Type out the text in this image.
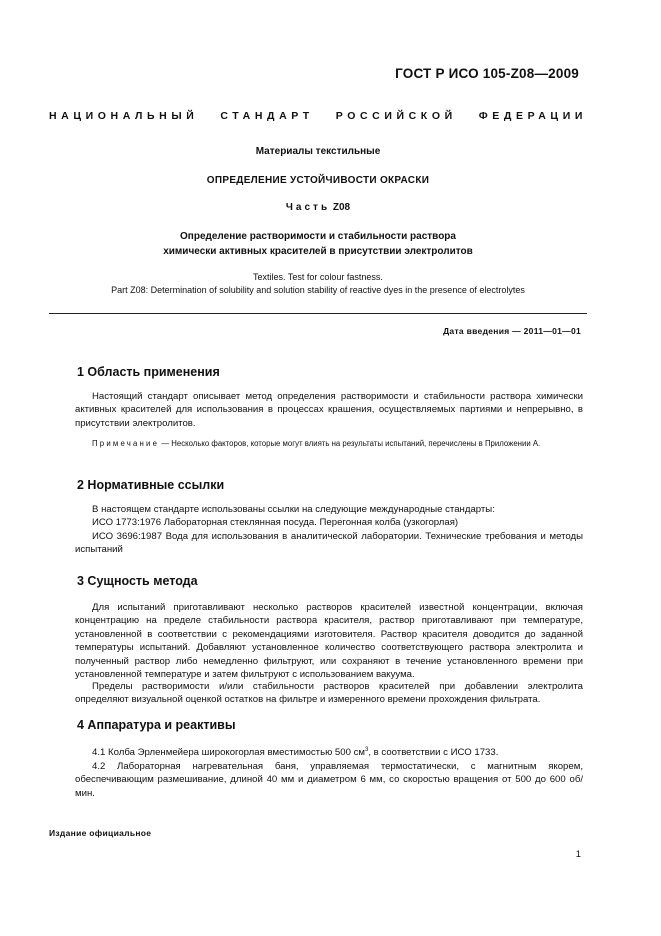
ГОСТ Р ИСО 105-Z08—2009
НАЦИОНАЛЬНЫЙ СТАНДАРТ РОССИЙСКОЙ ФЕДЕРАЦИИ
Материалы текстильные
ОПРЕДЕЛЕНИЕ УСТОЙЧИВОСТИ ОКРАСКИ
Часть Z08
Определение растворимости и стабильности раствора
химически активных красителей в присутствии электролитов
Textiles. Test for colour fastness.
Part Z08: Determination of solubility and solution stability of reactive dyes in the presence of electrolytes
Дата введения — 2011—01—01
1 Область применения
Настоящий стандарт описывает метод определения растворимости и стабильности раствора химически активных красителей для использования в процессах крашения, осуществляемых партиями и непрерывно, в присутствии электролитов.
Примечание — Несколько факторов, которые могут влиять на результаты испытаний, перечислены в Приложении А.
2 Нормативные ссылки
В настоящем стандарте использованы ссылки на следующие международные стандарты:
ИСО 1773:1976 Лабораторная стеклянная посуда. Перегонная колба (узкогорлая)
ИСО 3696:1987 Вода для использования в аналитической лаборатории. Технические требования и методы испытаний
3 Сущность метода
Для испытаний приготавливают несколько растворов красителей известной концентрации, включая концентрацию на пределе стабильности раствора красителя, раствор приготавливают при температуре, установленной в соответствии с рекомендациями изготовителя. Раствор красителя доводится до заданной температуры испытаний. Добавляют установленное количество соответствующего раствора электролита и полученный раствор либо немедленно фильтруют, или сохраняют в течение установленного времени при установленной температуре и затем фильтруют с использованием вакуума.
Пределы растворимости и/или стабильности растворов красителей при добавлении электролита определяют визуальной оценкой остатков на фильтре и измеренного времени прохождения фильтрата.
4 Аппаратура и реактивы
4.1 Колба Эрленмейера широкогорлая вместимостью 500 $см^3$, в соответствии с ИСО 1733.
4.2 Лабораторная нагревательная баня, управляемая термостатически, с магнитным якорем, обеспечивающим размешивание, длиной 40 мм и диаметром 6 мм, со скоростью вращения от 500 до 600 об/мин.
Издание официальное
1
